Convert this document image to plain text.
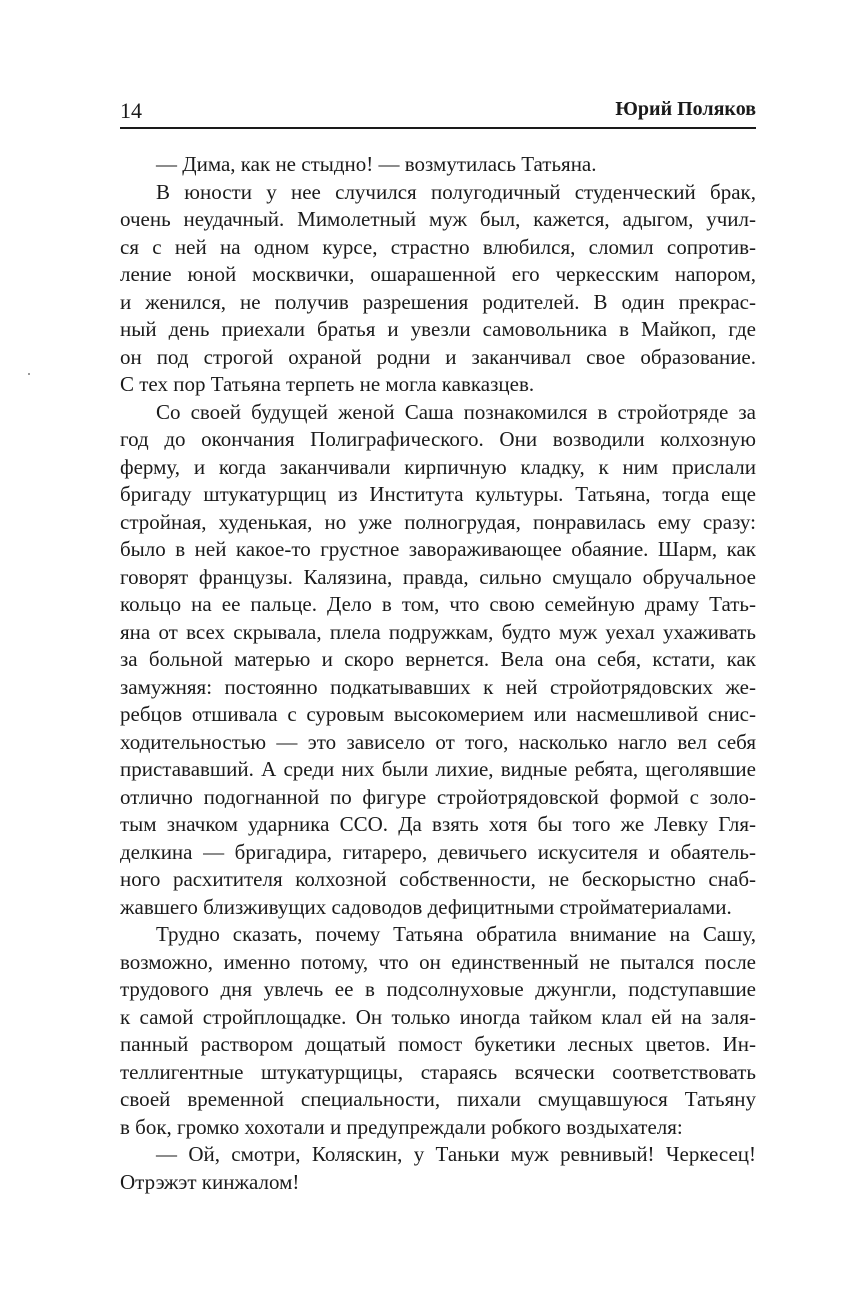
14	Юрий Поляков
— Дима, как не стыдно! — возмутилась Татьяна.
В юности у нее случился полугодичный студенческий брак,
очень неудачный. Мимолетный муж был, кажется, адыгом, учил-
ся с ней на одном курсе, страстно влюбился, сломил сопротив-
ление юной москвички, ошарашенной его черкесским напором,
и женился, не получив разрешения родителей. В один прекрас-
ный день приехали братья и увезли самовольника в Майкоп, где
он под строгой охраной родни и заканчивал свое образование.
С тех пор Татьяна терпеть не могла кавказцев.
Со своей будущей женой Саша познакомился в стройотряде за
год до окончания Полиграфического. Они возводили колхозную
ферму, и когда заканчивали кирпичную кладку, к ним прислали
бригаду штукатурщиц из Института культуры. Татьяна, тогда еще
стройная, худенькая, но уже полногрудая, понравилась ему сразу:
было в ней какое-то грустное завораживающее обаяние. Шарм, как
говорят французы. Калязина, правда, сильно смущало обручальное
кольцо на ее пальце. Дело в том, что свою семейную драму Тать-
яна от всех скрывала, плела подружкам, будто муж уехал ухаживать
за больной матерью и скоро вернется. Вела она себя, кстати, как
замужняя: постоянно подкатывавших к ней стройотрядовских же-
ребцов отшивала с суровым высокомерием или насмешливой снис-
ходительностью — это зависело от того, насколько нагло вел себя
пристававший. А среди них были лихие, видные ребята, щеголявшие
отлично подогнанной по фигуре стройотрядовской формой с золо-
тым значком ударника ССО. Да взять хотя бы того же Левку Гля-
делкина — бригадира, гитареро, девичьего искусителя и обаятель-
ного расхитителя колхозной собственности, не бескорыстно снаб-
жавшего близживущих садоводов дефицитными стройматериалами.
Трудно сказать, почему Татьяна обратила внимание на Сашу,
возможно, именно потому, что он единственный не пытался после
трудового дня увлечь ее в подсолнуховые джунгли, подступавшие
к самой стройплощадке. Он только иногда тайком клал ей на заля-
панный раствором дощатый помост букетики лесных цветов. Ин-
теллигентные штукатурщицы, стараясь всячески соответствовать
своей временной специальности, пихали смущавшуюся Татьяну
в бок, громко хохотали и предупреждали робкого воздыхателя:
— Ой, смотри, Коляскин, у Таньки муж ревнивый! Черкесец!
Отрэжэт кинжалом!
